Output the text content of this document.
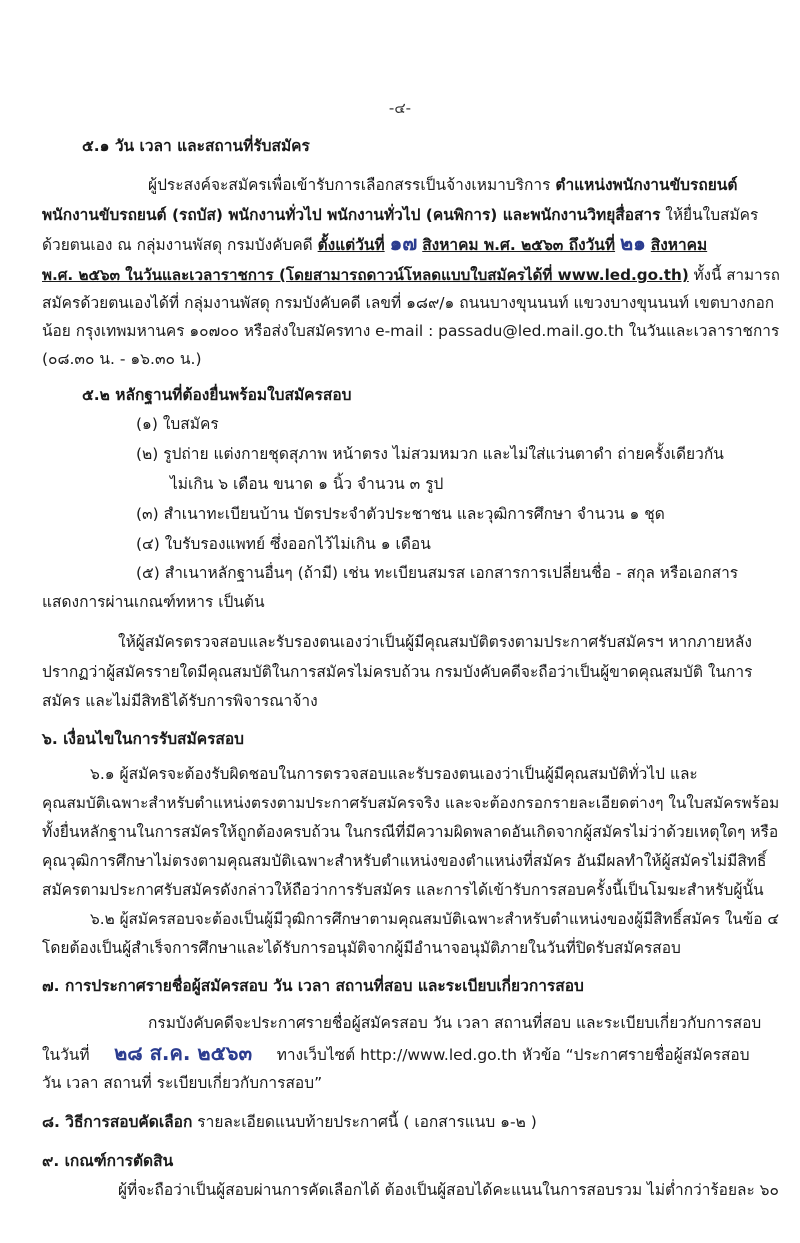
-๔-
๕.๑ วัน เวลา และสถานที่รับสมัคร
ผู้ประสงค์จะสมัครเพื่อเข้ารับการเลือกสรรเป็นจ้างเหมาบริการ ตำแหน่งพนักงานขับรถยนต์
พนักงานขับรถยนต์ (รถบัส) พนักงานทั่วไป พนักงานทั่วไป (คนพิการ) และพนักงานวิทยุสื่อสาร ให้ยื่นใบสมัคร
ด้วยตนเอง ณ กลุ่มงานพัสดุ กรมบังคับคดี ตั้งแต่วันที่ ๑๗ สิงหาคม พ.ศ. ๒๕๖๓ ถึงวันที่ ๒๑ สิงหาคม
พ.ศ. ๒๕๖๓ ในวันและเวลาราชการ (โดยสามารถดาวน์โหลดแบบใบสมัครได้ที่ www.led.go.th) ทั้งนี้ สามารถ
สมัครด้วยตนเองได้ที่ กลุ่มงานพัสดุ กรมบังคับคดี เลขที่ ๑๘๙/๑ ถนนบางขุนนนท์ แขวงบางขุนนนท์ เขตบางกอก
น้อย กรุงเทพมหานคร ๑๐๗๐๐ หรือส่งใบสมัครทาง e-mail : passadu@led.mail.go.th ในวันและเวลาราชการ
(๐๘.๓๐ น. - ๑๖.๓๐ น.)
๕.๒ หลักฐานที่ต้องยื่นพร้อมใบสมัครสอบ
(๑) ใบสมัคร
(๒) รูปถ่าย แต่งกายชุดสุภาพ หน้าตรง ไม่สวมหมวก และไม่ใส่แว่นตาดำ ถ่ายครั้งเดียวกัน
ไม่เกิน ๖ เดือน ขนาด ๑ นิ้ว จำนวน ๓ รูป
(๓) สำเนาทะเบียนบ้าน บัตรประจำตัวประชาชน และวุฒิการศึกษา จำนวน ๑ ชุด
(๔) ใบรับรองแพทย์ ซึ่งออกไว้ไม่เกิน ๑ เดือน
(๕) สำเนาหลักฐานอื่นๆ (ถ้ามี) เช่น ทะเบียนสมรส เอกสารการเปลี่ยนชื่อ - สกุล หรือเอกสาร
แสดงการผ่านเกณฑ์ทหาร เป็นต้น
ให้ผู้สมัครตรวจสอบและรับรองตนเองว่าเป็นผู้มีคุณสมบัติตรงตามประกาศรับสมัครฯ หากภายหลัง
ปรากฏว่าผู้สมัครรายใดมีคุณสมบัติในการสมัครไม่ครบถ้วน กรมบังคับคดีจะถือว่าเป็นผู้ขาดคุณสมบัติ ในการ
สมัคร และไม่มีสิทธิได้รับการพิจารณาจ้าง
๖. เงื่อนไขในการรับสมัครสอบ
๖.๑ ผู้สมัครจะต้องรับผิดชอบในการตรวจสอบและรับรองตนเองว่าเป็นผู้มีคุณสมบัติทั่วไป และ
คุณสมบัติเฉพาะสำหรับตำแหน่งตรงตามประกาศรับสมัครจริง และจะต้องกรอกรายละเอียดต่างๆ ในใบสมัครพร้อม
ทั้งยื่นหลักฐานในการสมัครให้ถูกต้องครบถ้วน ในกรณีที่มีความผิดพลาดอันเกิดจากผู้สมัครไม่ว่าด้วยเหตุใดๆ หรือ
คุณวุฒิการศึกษาไม่ตรงตามคุณสมบัติเฉพาะสำหรับตำแหน่งของตำแหน่งที่สมัคร อันมีผลทำให้ผู้สมัครไม่มีสิทธิ์
สมัครตามประกาศรับสมัครดังกล่าวให้ถือว่าการรับสมัคร และการได้เข้ารับการสอบครั้งนี้เป็นโมฆะสำหรับผู้นั้น
๖.๒ ผู้สมัครสอบจะต้องเป็นผู้มีวุฒิการศึกษาตามคุณสมบัติเฉพาะสำหรับตำแหน่งของผู้มีสิทธิ์สมัคร ในข้อ ๔
โดยต้องเป็นผู้สำเร็จการศึกษาและได้รับการอนุมัติจากผู้มีอำนาจอนุมัติภายในวันที่ปิดรับสมัครสอบ
๗. การประกาศรายชื่อผู้สมัครสอบ วัน เวลา สถานที่สอบ และระเบียบเกี่ยวการสอบ
กรมบังคับคดีจะประกาศรายชื่อผู้สมัครสอบ วัน เวลา สถานที่สอบ และระเบียบเกี่ยวกับการสอบ
ในวันที่ ๒๘ ส.ค. ๒๕๖๓ ทางเว็บไซต์ http://www.led.go.th หัวข้อ “ประกาศรายชื่อผู้สมัครสอบ
วัน เวลา สถานที่ ระเบียบเกี่ยวกับการสอบ”
๘. วิธีการสอบคัดเลือก รายละเอียดแนบท้ายประกาศนี้ ( เอกสารแนบ ๑-๒ )
๙. เกณฑ์การตัดสิน
ผู้ที่จะถือว่าเป็นผู้สอบผ่านการคัดเลือกได้ ต้องเป็นผู้สอบได้คะแนนในการสอบรวม ไม่ต่ำกว่าร้อยละ ๖๐
